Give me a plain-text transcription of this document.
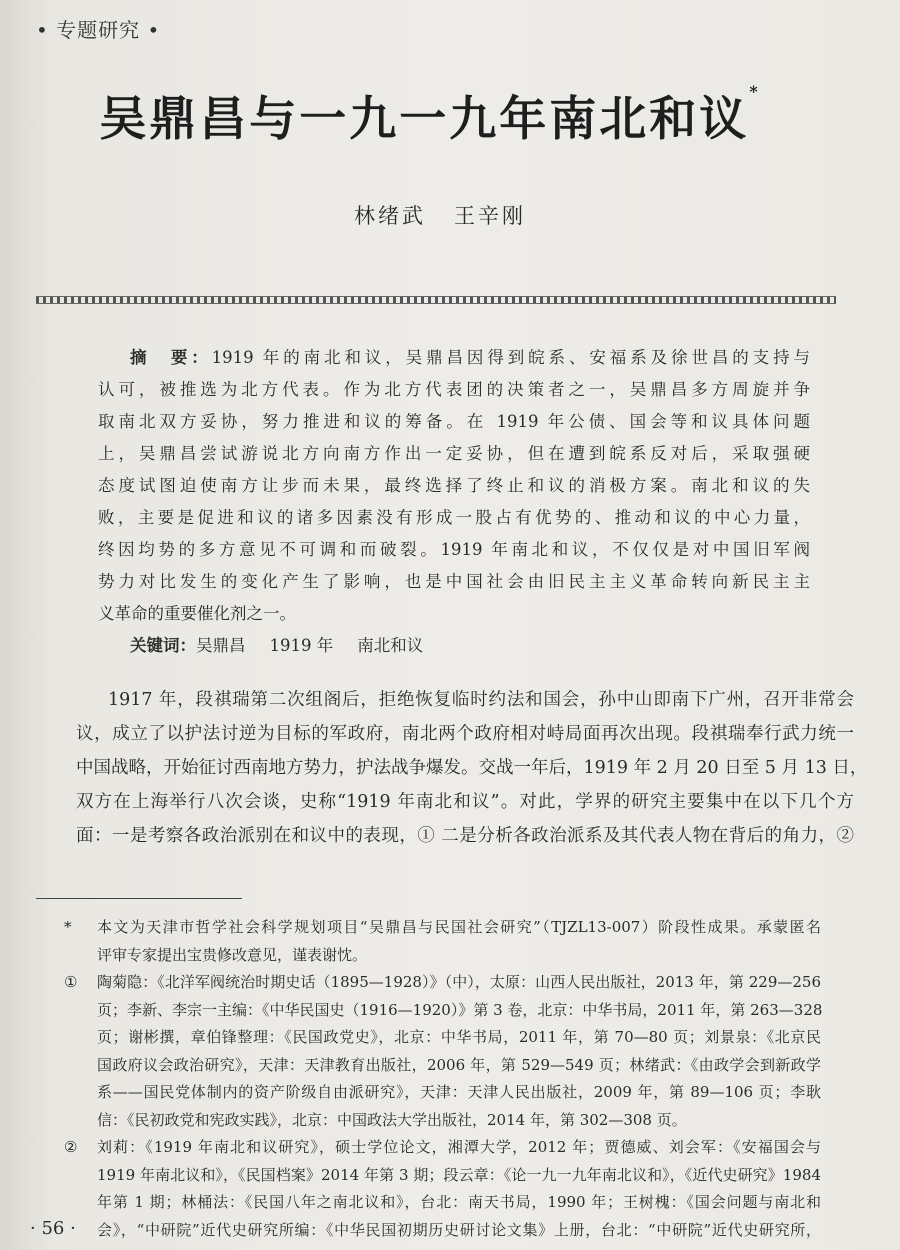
• 专题研究 •
吴鼎昌与一九一九年南北和议*
林绪武 王辛刚
摘　要：1919 年的南北和议，吴鼎昌因得到皖系、安福系及徐世昌的支持与
认可，被推选为北方代表。作为北方代表团的决策者之一，吴鼎昌多方周旋并争
取南北双方妥协，努力推进和议的筹备。在 1919 年公债、国会等和议具体问题
上，吴鼎昌尝试游说北方向南方作出一定妥协，但在遭到皖系反对后，采取强硬
态度试图迫使南方让步而未果，最终选择了终止和议的消极方案。南北和议的失
败，主要是促进和议的诸多因素没有形成一股占有优势的、推动和议的中心力量，
终因均势的多方意见不可调和而破裂。1919 年南北和议，不仅仅是对中国旧军阀
势力对比发生的变化产生了影响，也是中国社会由旧民主主义革命转向新民主主
义革命的重要催化剂之一。
关键词：吴鼎昌 1919 年 南北和议
1917 年，段祺瑞第二次组阁后，拒绝恢复临时约法和国会，孙中山即南下广州，召开非常会
议，成立了以护法讨逆为目标的军政府，南北两个政府相对峙局面再次出现。段祺瑞奉行武力统一
中国战略，开始征讨西南地方势力，护法战争爆发。交战一年后，1919 年 2 月 20 日至 5 月 13 日，
双方在上海举行八次会谈，史称“1919 年南北和议”。对此，学界的研究主要集中在以下几个方
面：一是考察各政治派别在和议中的表现，① 二是分析各政治派系及其代表人物在背后的角力，②
* 本文为天津市哲学社会科学规划项目“吴鼎昌与民国社会研究”（TJZL13-007）阶段性成果。承蒙匿名
评审专家提出宝贵修改意见，谨表谢忱。
① 陶菊隐：《北洋军阀统治时期史话（1895—1928）》（中），太原：山西人民出版社，2013 年，第 229—256
页；李新、李宗一主编：《中华民国史（1916—1920）》第 3 卷，北京：中华书局，2011 年，第 263—328
页；谢彬撰，章伯锋整理：《民国政党史》，北京：中华书局，2011 年，第 70—80 页；刘景泉：《北京民
国政府议会政治研究》，天津：天津教育出版社，2006 年，第 529—549 页；林绪武：《由政学会到新政学
系——国民党体制内的资产阶级自由派研究》，天津：天津人民出版社，2009 年，第 89—106 页；李耿
信：《民初政党和宪政实践》，北京：中国政法大学出版社，2014 年，第 302—308 页。
② 刘莉：《1919 年南北和议研究》，硕士学位论文，湘潭大学，2012 年；贾德威、刘会军：《安福国会与
1919 年南北议和》，《民国档案》2014 年第 3 期；段云章：《论一九一九年南北议和》，《近代史研究》1984
年第 1 期；林桶法：《民国八年之南北议和》，台北：南天书局，1990 年；王树槐：《国会问题与南北和
会》，“中研院”近代史研究所编：《中华民国初期历史研讨论文集》上册，台北：“中研院”近代史研究所，
· 56 ·
